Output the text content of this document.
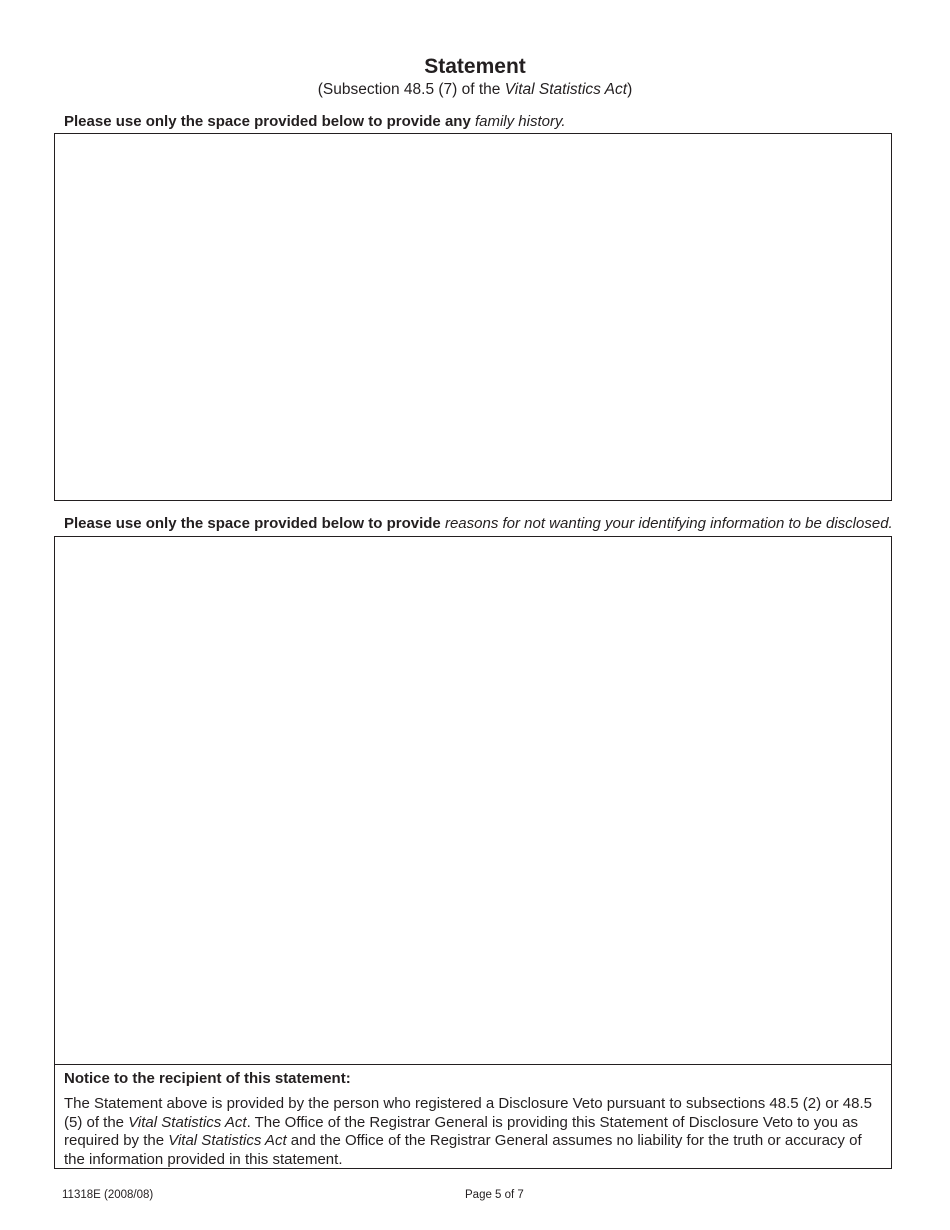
Statement
(Subsection 48.5 (7) of the Vital Statistics Act)
Please use only the space provided below to provide any family history.
Please use only the space provided below to provide reasons for not wanting your identifying information to be disclosed.
Notice to the recipient of this statement:
The Statement above is provided by the person who registered a Disclosure Veto pursuant to subsections 48.5 (2) or 48.5 (5) of the Vital Statistics Act. The Office of the Registrar General is providing this Statement of Disclosure Veto to you as required by the Vital Statistics Act and the Office of the Registrar General assumes no liability for the truth or accuracy of the information provided in this statement.
11318E (2008/08)	Page 5 of 7
